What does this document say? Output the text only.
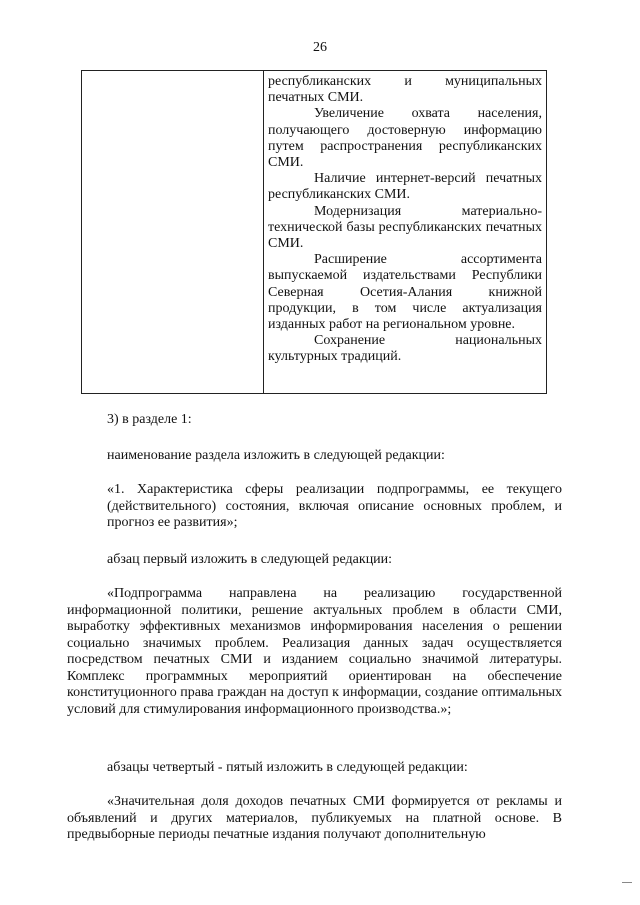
26

республиканских и муниципальных печатных СМИ.

Увеличение охвата населения, получающего достоверную информацию путем распространения республиканских СМИ.

Наличие интернет-версий печатных республиканских СМИ.

Модернизация материально-технической базы республиканских печатных СМИ.

Расширение ассортимента выпускаемой издательствами Республики Северная Осетия-Алания книжной продукции, в том числе актуализация изданных работ на региональном уровне.

Сохранение национальных культурных традиций.

3) в разделе 1:
наименование раздела изложить в следующей редакции:

«1. Характеристика сферы реализации подпрограммы, ее текущего (действительного) состояния, включая описание основных проблем, и прогноз ее развития»;

абзац первый изложить в следующей редакции:

«Подпрограмма направлена на реализацию государственной информационной политики, решение актуальных проблем в области СМИ, выработку эффективных механизмов информирования населения о решении социально значимых проблем. Реализация данных задач осуществляется посредством печатных СМИ и изданием социально значимой литературы. Комплекс программных мероприятий ориентирован на обеспечение конституционного права граждан на доступ к информации, создание оптимальных условий для стимулирования информационного производства.»;

абзацы четвертый - пятый изложить в следующей редакции:

«Значительная доля доходов печатных СМИ формируется от рекламы и объявлений и других материалов, публикуемых на платной основе. В предвыборные периоды печатные издания получают дополнительную
